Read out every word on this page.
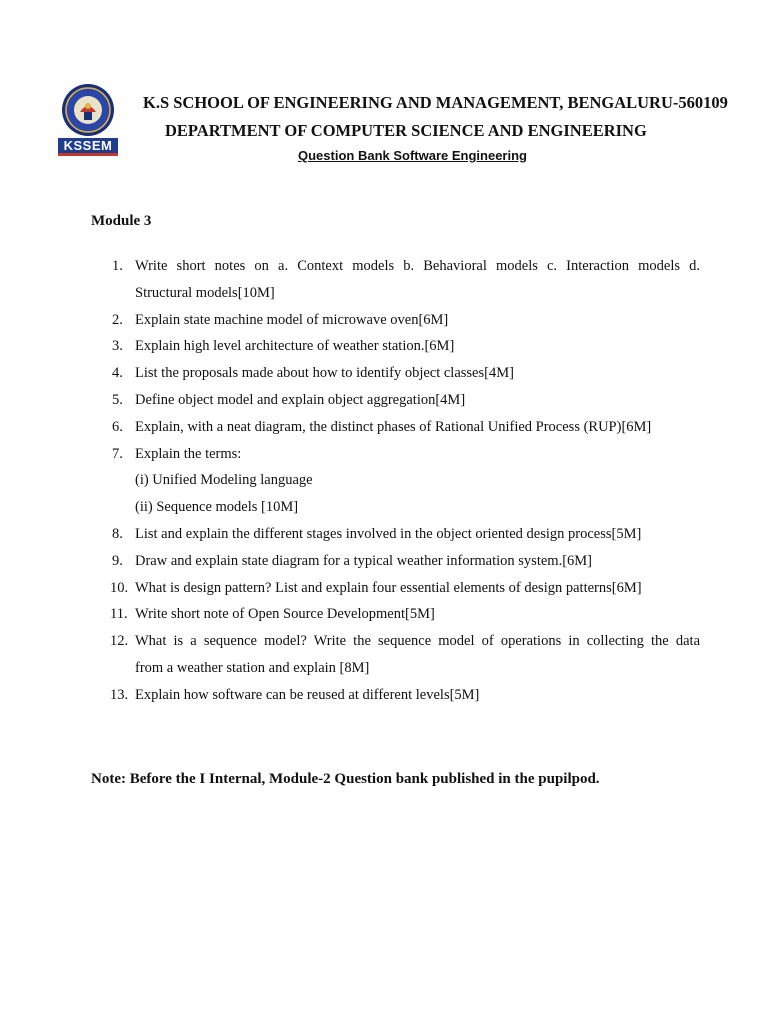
KSSEM
K.S SCHOOL OF ENGINEERING AND MANAGEMENT, BENGALURU-560109
DEPARTMENT OF COMPUTER SCIENCE AND ENGINEERING
Question Bank Software Engineering
Module 3
1. Write short notes on a. Context models b. Behavioral models c. Interaction models d.
Structural models[10M]
2. Explain state machine model of microwave oven[6M]
3. Explain high level architecture of weather station.[6M]
4. List the proposals made about how to identify object classes[4M]
5. Define object model and explain object aggregation[4M]
6. Explain, with a neat diagram, the distinct phases of Rational Unified Process (RUP)[6M]
7. Explain the terms:
(i) Unified Modeling language
(ii) Sequence models [10M]
8. List and explain the different stages involved in the object oriented design process[5M]
9. Draw and explain state diagram for a typical weather information system.[6M]
10. What is design pattern? List and explain four essential elements of design patterns[6M]
11. Write short note of Open Source Development[5M]
12. What is a sequence model? Write the sequence model of operations in collecting the data
from a weather station and explain [8M]
13. Explain how software can be reused at different levels[5M]
Note: Before the I Internal, Module-2 Question bank published in the pupilpod.
